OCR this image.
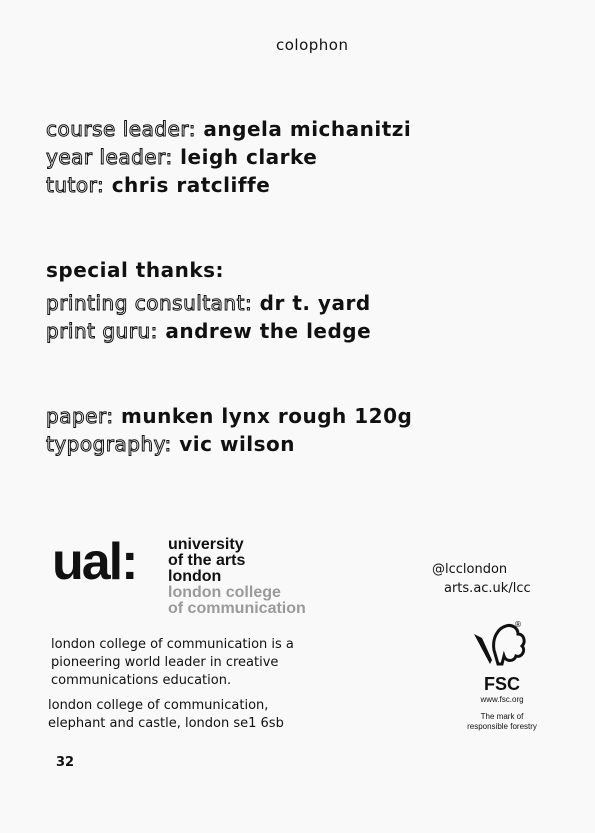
colophon
course leader: angela michanitzi
year leader: leigh clarke
tutor: chris ratcliffe
special thanks:
printing consultant: dr t. yard
print guru: andrew the ledge
paper: munken lynx rough 120g
typography: vic wilson
ual: university
of the arts
london
london college
of communication
@lcclondon
arts.ac.uk/lcc
london college of communication is a
pioneering world leader in creative
communications education.
london college of communication,
elephant and castle, london se1 6sb
®
FSC
www.fsc.org
The mark of
responsible forestry
32
